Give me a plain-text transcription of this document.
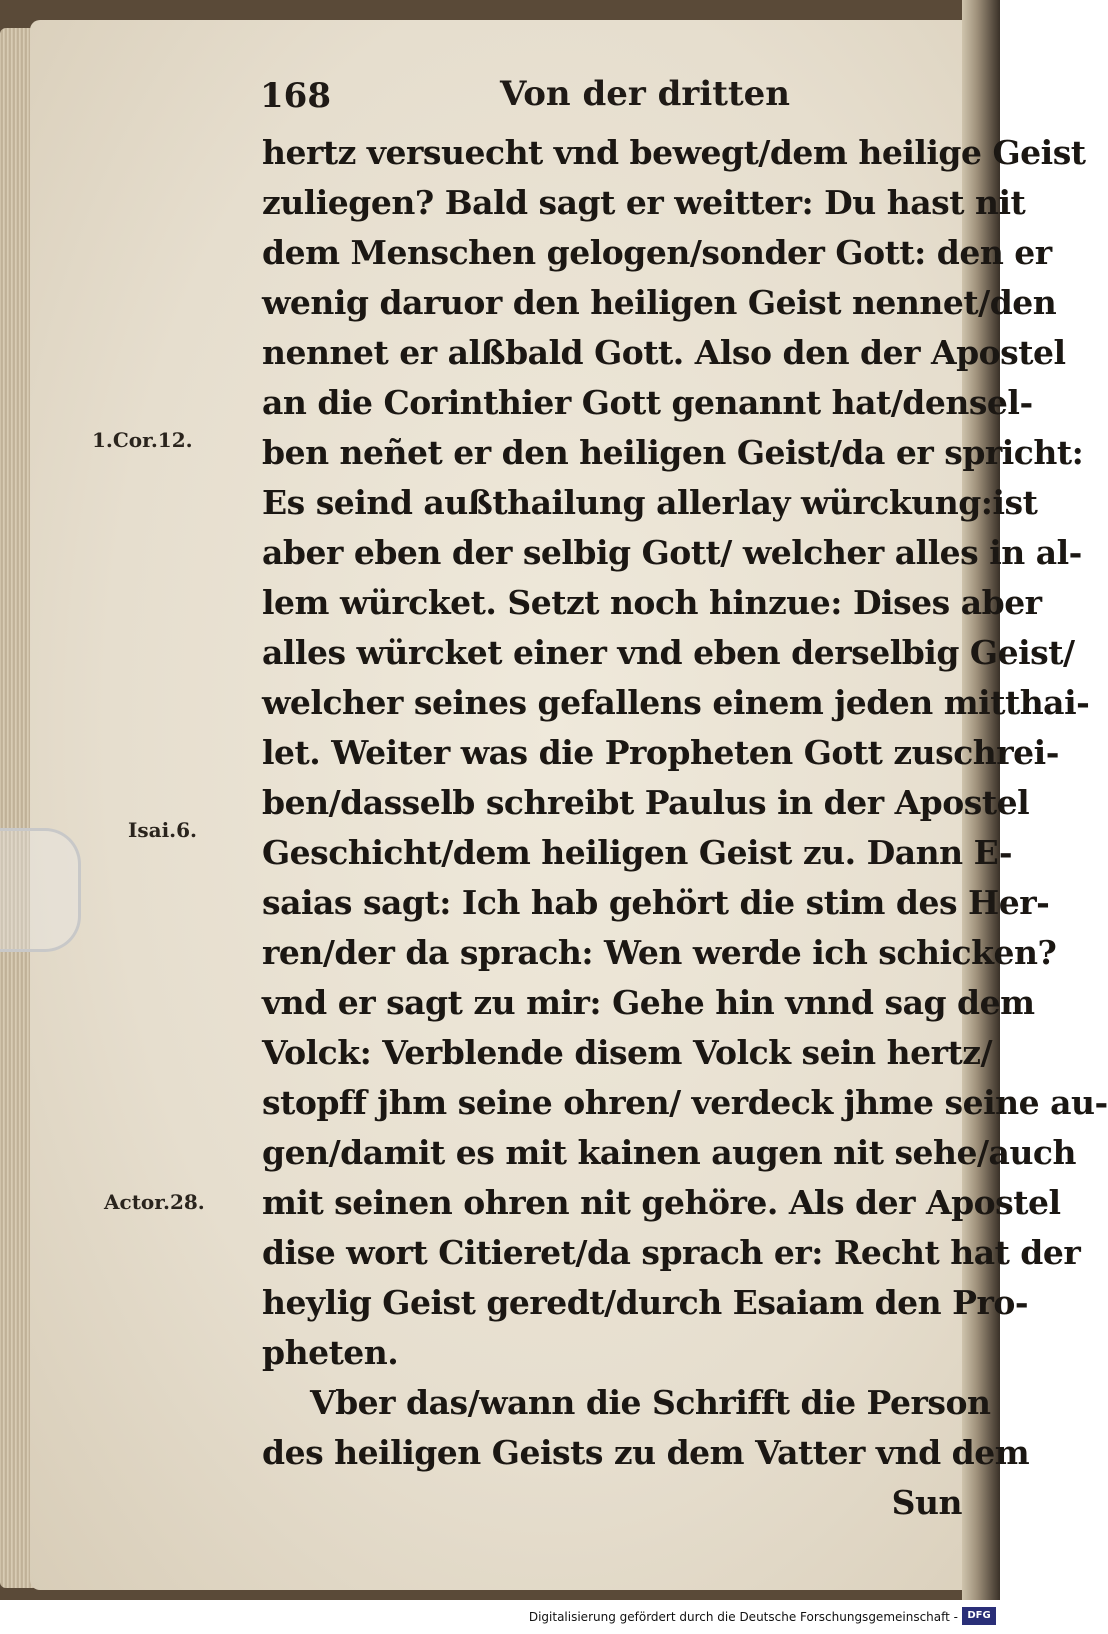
168	Von der dritten
hertz versuecht vnd bewegt/dem heilige Geist
zuliegen? Bald sagt er weitter: Du hast nit
dem Menschen gelogen/sonder Gott: den er
wenig daruor den heiligen Geist nennet/den
nennet er alßbald Gott. Also den der Apostel
an die Corinthier Gott genannt hat/densel-
ben neñet er den heiligen Geist/da er spricht:
Es seind außthailung allerlay würckung:ist
aber eben der selbig Gott/ welcher alles in al-
lem würcket. Setzt noch hinzue: Dises aber
alles würcket einer vnd eben derselbig Geist/
welcher seines gefallens einem jeden mitthai-
let. Weiter was die Propheten Gott zuschrei-
ben/dasselb schreibt Paulus in der Apostel
Geschicht/dem heiligen Geist zu. Dann E-
saias sagt: Ich hab gehört die stim des Her-
ren/der da sprach: Wen werde ich schicken?
vnd er sagt zu mir: Gehe hin vnnd sag dem
Volck: Verblende disem Volck sein hertz/
stopff jhm seine ohren/ verdeck jhme seine au-
gen/damit es mit kainen augen nit sehe/auch
mit seinen ohren nit gehöre. Als der Apostel
dise wort Citieret/da sprach er: Recht hat der
heylig Geist geredt/durch Esaiam den Pro-
pheten.
Vber das/wann die Schrifft die Person
des heiligen Geists zu dem Vatter vnd dem
Sun
1.Cor.12.
Isai.6.
Actor.28.
Digitalisierung gefördert durch die Deutsche Forschungsgemeinschaft - DFG
